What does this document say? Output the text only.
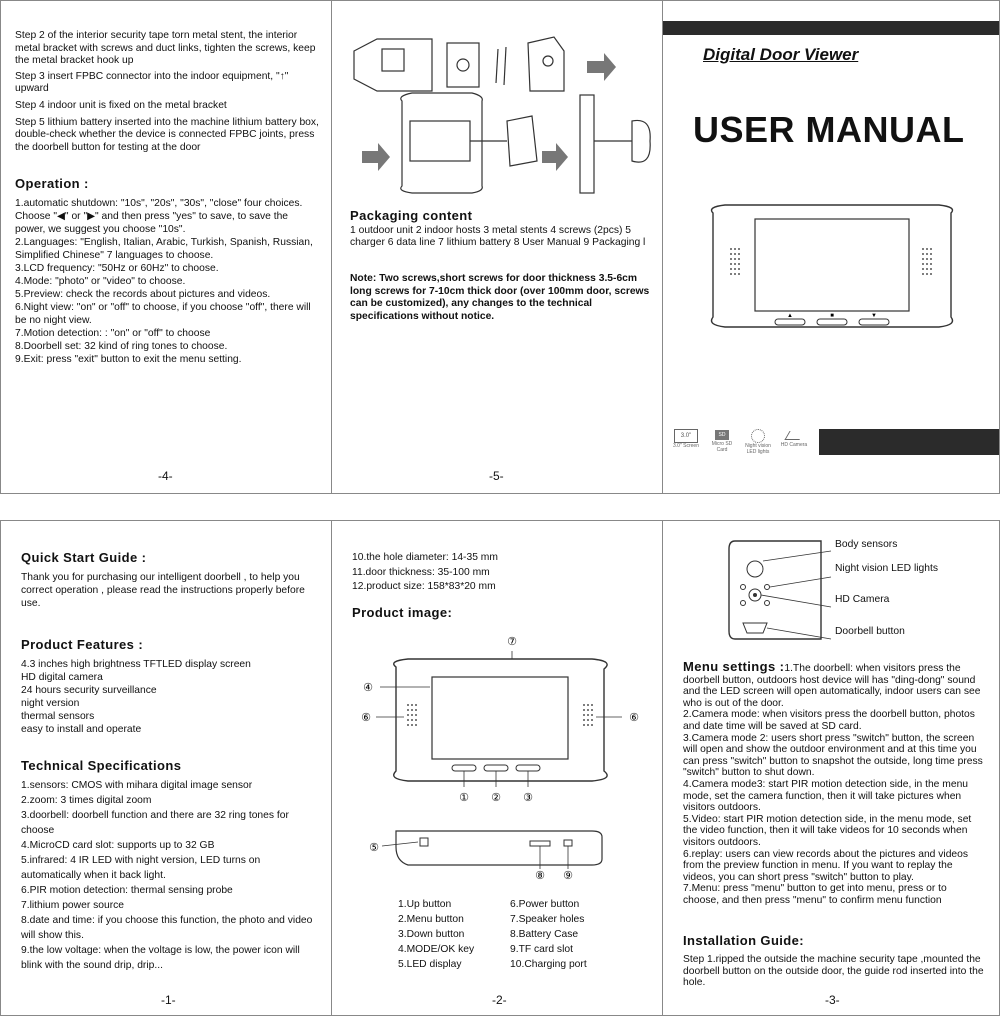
Step 2 of the interior security tape torn metal stent, the interior metal bracket with screws and duct links, tighten the screws, keep the metal bracket hook up
Step 3 insert FPBC connector into the indoor equipment, "↑" upward
Step 4 indoor unit is fixed on the metal bracket
Step 5 lithium battery inserted into the machine lithium battery box, double-check whether the device is connected FPBC joints, press the doorbell button for testing at the door
Operation :
1.automatic shutdown: "10s", "20s", "30s", "close" four choices. Choose "◀" or "▶" and then press "yes" to save, to save the power, we suggest you choose "10s".
2.Languages: "English, Italian, Arabic, Turkish, Spanish, Russian, Simplified Chinese" 7 languages to choose.
3.LCD frequency: "50Hz or 60Hz" to choose.
4.Mode: "photo" or "video" to choose.
5.Preview: check the records about pictures and videos.
6.Night view: "on" or "off" to choose, if you choose "off", there will be no night view.
7.Motion detection: : "on" or "off" to choose
8.Doorbell set: 32 kind of ring tones to choose.
9.Exit: press "exit" button to exit the menu setting.
-4-
Packaging content
1 outdoor unit 2 indoor hosts 3 metal stents 4 screws (2pcs) 5 charger 6 data line 7 lithium battery 8 User Manual 9 Packaging l
Note: Two screws,short screws for door thickness 3.5-6cm long screws for 7-10cm thick door (over 100mm door, screws can be customized), any changes to the technical specifications without notice.
-5-
Digital Door Viewer
USER MANUAL
▲	■	▼
3.0"
3.0" Screen
SD
Micro SD Card
Night vision LED lights
HD Camera
Quick Start Guide :
Thank you for purchasing our intelligent doorbell , to help you correct operation , please read the instructions properly before use.
Product Features :
4.3 inches high brightness TFTLED display screen
HD digital camera
24 hours security surveillance
night version
thermal sensors
easy to install and operate
Technical Specifications
1.sensors: CMOS with mihara digital image sensor
2.zoom: 3 times digital zoom
3.doorbell: doorbell function and there are 32 ring tones for choose
4.MicroCD card slot: supports up to 32 GB
5.infrared: 4 IR LED with night version, LED turns on automatically when it back light.
6.PIR motion detection: thermal sensing probe
7.lithium power source
8.date and time: if you choose this function, the photo and video will show this.
9.the low voltage: when the voltage is low, the power icon will blink with the sound drip, drip...
-1-
10.the hole diameter: 14-35 mm
11.door thickness: 35-100 mm
12.product size: 158*83*20 mm
Product image:
⑦
④
⑥	⑥
① ② ③
⑤
⑧ ⑨
1.Up button
2.Menu button
3.Down button
4.MODE/OK key
5.LED display
6.Power button
7.Speaker holes
8.Battery Case
9.TF card slot
10.Charging port
-2-
Body sensors
Night vision LED lights
HD Camera
Doorbell button
Menu settings :1.The doorbell: when visitors press the doorbell button, outdoors host device will has "ding-dong" sound and the LED screen will open automatically, indoor users can see who is out of the door.
2.Camera mode: when visitors press the doorbell button, photos and date time will be saved at SD card.
3.Camera mode 2: users short press "switch" button, the screen will open and show the outdoor environment and at this time you can press "switch" button to snapshot the outside, long time press "switch" button to shut down.
4.Camera mode3: start PIR motion detection side, in the menu mode, set the camera function, then it will take pictures when visitors outdoors.
5.Video: start PIR motion detection side, in the menu mode, set the video function, then it will take videos for 10 seconds when visitors outdoors.
6.replay: users can view records about the pictures and videos from the preview function in menu. If you want to replay the videos, you can short press "switch" button to play.
7.Menu: press "menu" button to get into menu, press or to choose, and then press "menu" to confirm menu function
Installation Guide:
Step 1.ripped the outside the machine security tape ,mounted the doorbell button on the outside door, the guide rod inserted into the hole.
-3-
